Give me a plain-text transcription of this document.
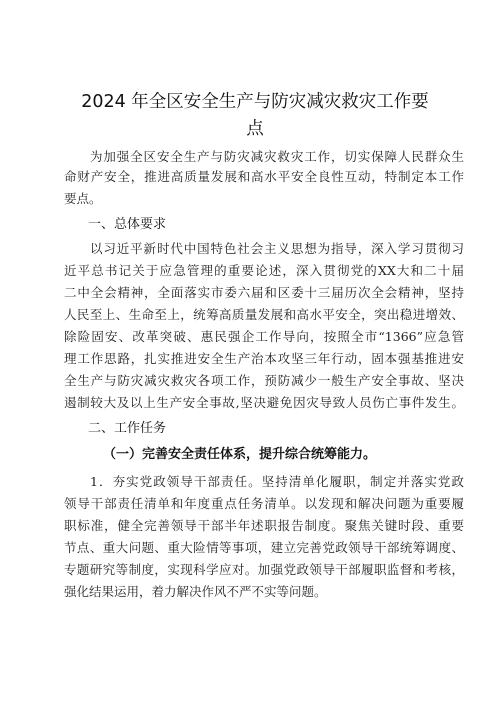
2024 年全区安全生产与防灾减灾救灾工作要
点
为加强全区安全生产与防灾减灾救灾工作，切实保障人民群众生
命财产安全，推进高质量发展和高水平安全良性互动，特制定本工作
要点。
一、总体要求
以习近平新时代中国特色社会主义思想为指导，深入学习贯彻习
近平总书记关于应急管理的重要论述，深入贯彻党的XX大和二十届
二中全会精神，全面落实市委六届和区委十三届历次全会精神，坚持
人民至上、生命至上，统筹高质量发展和高水平安全，突出稳进增效、
除险固安、改革突破、惠民强企工作导向，按照全市“1366”应急管
理工作思路，扎实推进安全生产治本攻坚三年行动，固本强基推进安
全生产与防灾减灾救灾各项工作，预防减少一般生产安全事故、坚决
遏制较大及以上生产安全事故,坚决避免因灾导致人员伤亡事件发生。
二、工作任务
（一）完善安全责任体系，提升综合统筹能力。
1．夯实党政领导干部责任。坚持清单化履职，制定并落实党政
领导干部责任清单和年度重点任务清单。以发现和解决问题为重要履
职标准，健全完善领导干部半年述职报告制度。聚焦关键时段、重要
节点、重大问题、重大险情等事项，建立完善党政领导干部统筹调度、
专题研究等制度，实现科学应对。加强党政领导干部履职监督和考核，
强化结果运用，着力解决作风不严不实等问题。
